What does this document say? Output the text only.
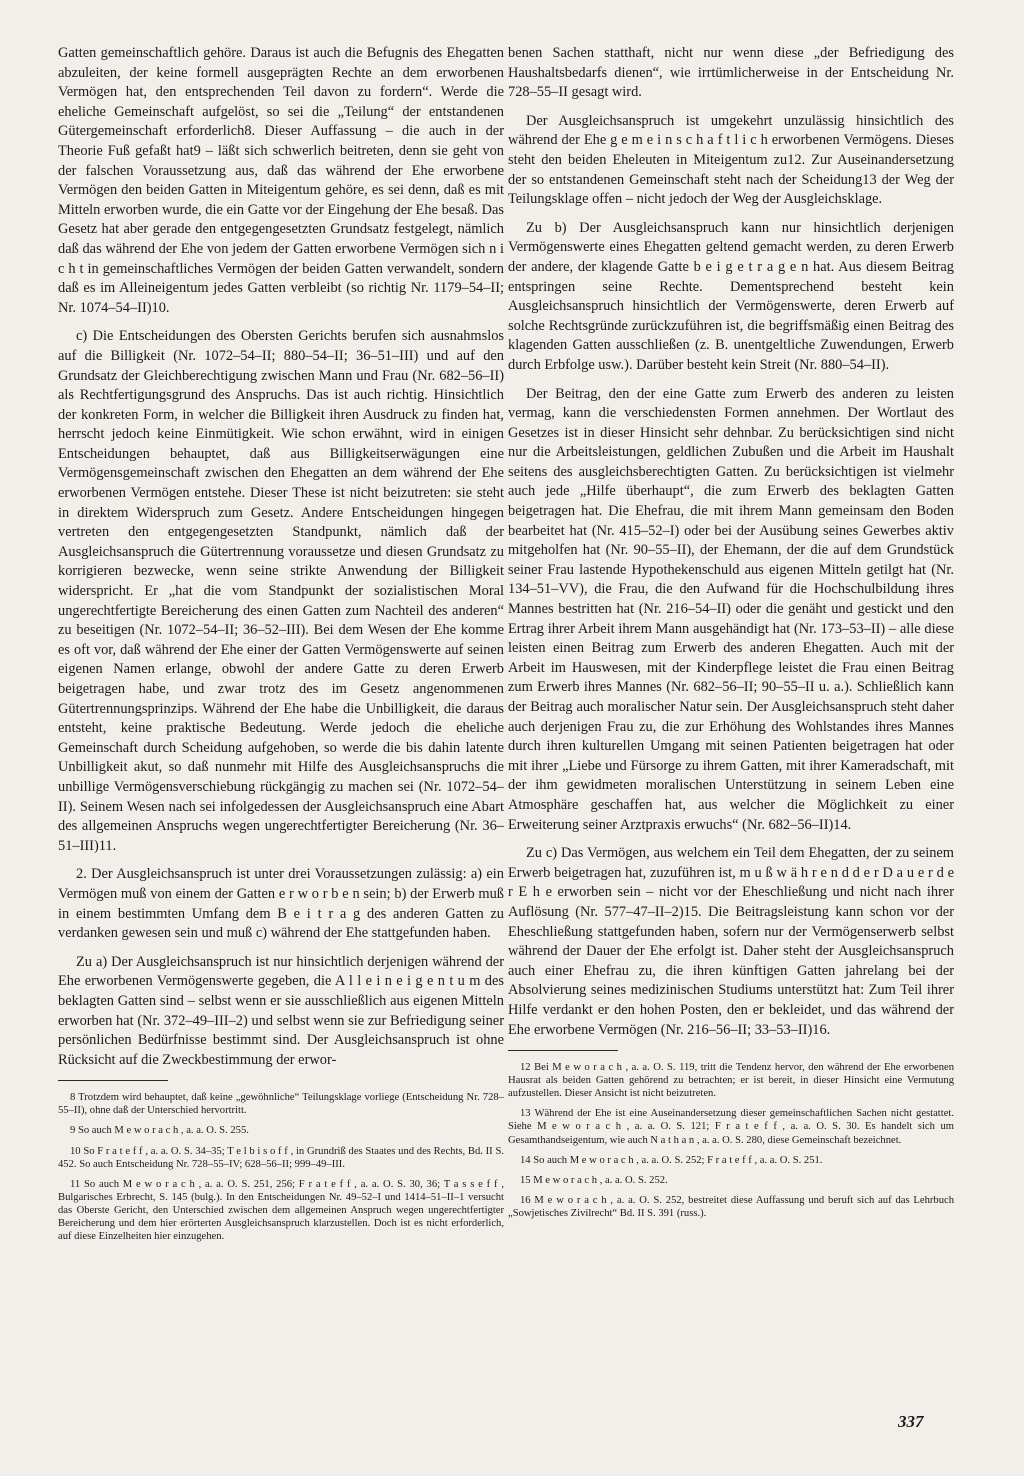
Gatten gemeinschaftlich gehöre. Daraus ist auch die Befugnis des Ehegatten abzuleiten, der keine formell ausgeprägten Rechte an dem erworbenen Vermögen hat, den entsprechenden Teil davon zu fordern“. Werde die eheliche Gemeinschaft aufgelöst, so sei die „Teilung“ der entstandenen Gütergemeinschaft erforderlich8. Dieser Auffassung – die auch in der Theorie Fuß gefaßt hat9 – läßt sich schwerlich beitreten, denn sie geht von der falschen Voraussetzung aus, daß das während der Ehe erworbene Vermögen den beiden Gatten in Miteigentum gehöre, es sei denn, daß es mit Mitteln erworben wurde, die ein Gatte vor der Eingehung der Ehe besaß. Das Gesetz hat aber gerade den entgegengesetzten Grundsatz festgelegt, nämlich daß das während der Ehe von jedem der Gatten erworbene Vermögen sich n i c h t in gemeinschaftliches Vermögen der beiden Gatten verwandelt, sondern daß es im Alleineigentum jedes Gatten verbleibt (so richtig Nr. 1179–54–II; Nr. 1074–54–II)10.

c) Die Entscheidungen des Obersten Gerichts berufen sich ausnahmslos auf die Billigkeit (Nr. 1072–54–II; 880–54–II; 36–51–III) und auf den Grundsatz der Gleichberechtigung zwischen Mann und Frau (Nr. 682–56–II) als Rechtfertigungsgrund des Anspruchs. Das ist auch richtig. Hinsichtlich der konkreten Form, in welcher die Billigkeit ihren Ausdruck zu finden hat, herrscht jedoch keine Einmütigkeit. Wie schon erwähnt, wird in einigen Entscheidungen behauptet, daß aus Billigkeitserwägungen eine Vermögensgemeinschaft zwischen den Ehegatten an dem während der Ehe erworbenen Vermögen entstehe. Dieser These ist nicht beizutreten: sie steht in direktem Widerspruch zum Gesetz. Andere Entscheidungen hingegen vertreten den entgegengesetzten Standpunkt, nämlich daß der Ausgleichsanspruch die Gütertrennung voraussetze und diesen Grundsatz zu korrigieren bezwecke, wenn seine strikte Anwendung der Billigkeit widerspricht. Er „hat die vom Standpunkt der sozialistischen Moral ungerechtfertigte Bereicherung des einen Gatten zum Nachteil des anderen“ zu beseitigen (Nr. 1072–54–II; 36–52–III). Bei dem Wesen der Ehe komme es oft vor, daß während der Ehe einer der Gatten Vermögenswerte auf seinen eigenen Namen erlange, obwohl der andere Gatte zu deren Erwerb beigetragen habe, und zwar trotz des im Gesetz angenommenen Gütertrennungsprinzips. Während der Ehe habe die Unbilligkeit, die daraus entsteht, keine praktische Bedeutung. Werde jedoch die eheliche Gemeinschaft durch Scheidung aufgehoben, so werde die bis dahin latente Unbilligkeit akut, so daß nunmehr mit Hilfe des Ausgleichsanspruchs die unbillige Vermögensverschiebung rückgängig zu machen sei (Nr. 1072–54–II). Seinem Wesen nach sei infolgedessen der Ausgleichsanspruch eine Abart des allgemeinen Anspruchs wegen ungerechtfertigter Bereicherung (Nr. 36–51–III)11.

2. Der Ausgleichsanspruch ist unter drei Voraussetzungen zulässig: a) ein Vermögen muß von einem der Gatten e r w o r b e n sein; b) der Erwerb muß in einem bestimmten Umfang dem B e i t r a g des anderen Gatten zu verdanken gewesen sein und muß c) während der Ehe stattgefunden haben.

Zu a) Der Ausgleichsanspruch ist nur hinsichtlich derjenigen während der Ehe erworbenen Vermögenswerte gegeben, die A l l e i n e i g e n t u m des beklagten Gatten sind – selbst wenn er sie ausschließlich aus eigenen Mitteln erworben hat (Nr. 372–49–III–2) und selbst wenn sie zur Befriedigung seiner persönlichen Bedürfnisse bestimmt sind. Der Ausgleichsanspruch ist ohne Rücksicht auf die Zweckbestimmung der erwor-

8 Trotzdem wird behauptet, daß keine „gewöhnliche“ Teilungsklage vorliege (Entscheidung Nr. 728–55–II), ohne daß der Unterschied hervortritt.

9 So auch M e w o r a c h , a. a. O. S. 255.

10 So F r a t e f f , a. a. O. S. 34–35; T e l b i s o f f , in Grundriß des Staates und des Rechts, Bd. II S. 452. So auch Entscheidung Nr. 728–55–IV; 628–56–II; 999–49–III.

11 So auch M e w o r a c h , a. a. O. S. 251, 256; F r a t e f f , a. a. O. S. 30, 36; T a s s e f f , Bulgarisches Erbrecht, S. 145 (bulg.). In den Entscheidungen Nr. 49–52–I und 1414–51–II–1 versucht das Oberste Gericht, den Unterschied zwischen dem allgemeinen Anspruch wegen ungerechtfertigter Bereicherung und dem hier erörterten Ausgleichsanspruch klarzustellen. Doch ist es nicht erforderlich, auf diese Einzelheiten hier einzugehen.

benen Sachen statthaft, nicht nur wenn diese „der Befriedigung des Haushaltsbedarfs dienen“, wie irrtümlicherweise in der Entscheidung Nr. 728–55–II gesagt wird.

Der Ausgleichsanspruch ist umgekehrt unzulässig hinsichtlich des während der Ehe g e m e i n s c h a f t l i c h erworbenen Vermögens. Dieses steht den beiden Eheleuten in Miteigentum zu12. Zur Auseinandersetzung der so entstandenen Gemeinschaft steht nach der Scheidung13 der Weg der Teilungsklage offen – nicht jedoch der Weg der Ausgleichsklage.

Zu b) Der Ausgleichsanspruch kann nur hinsichtlich derjenigen Vermögenswerte eines Ehegatten geltend gemacht werden, zu deren Erwerb der andere, der klagende Gatte b e i g e t r a g e n hat. Aus diesem Beitrag entspringen seine Rechte. Dementsprechend besteht kein Ausgleichsanspruch hinsichtlich der Vermögenswerte, deren Erwerb auf solche Rechtsgründe zurückzuführen ist, die begriffsmäßig einen Beitrag des klagenden Gatten ausschließen (z. B. unentgeltliche Zuwendungen, Erwerb durch Erbfolge usw.). Darüber besteht kein Streit (Nr. 880–54–II).

Der Beitrag, den der eine Gatte zum Erwerb des anderen zu leisten vermag, kann die verschiedensten Formen annehmen. Der Wortlaut des Gesetzes ist in dieser Hinsicht sehr dehnbar. Zu berücksichtigen sind nicht nur die Arbeitsleistungen, geldlichen Zubußen und die Arbeit im Haushalt seitens des ausgleichsberechtigten Gatten. Zu berücksichtigen ist vielmehr auch jede „Hilfe überhaupt“, die zum Erwerb des beklagten Gatten beigetragen hat. Die Ehefrau, die mit ihrem Mann gemeinsam den Boden bearbeitet hat (Nr. 415–52–I) oder bei der Ausübung seines Gewerbes aktiv mitgeholfen hat (Nr. 90–55–II), der Ehemann, der die auf dem Grundstück seiner Frau lastende Hypothekenschuld aus eigenen Mitteln getilgt hat (Nr. 134–51–VV), die Frau, die den Aufwand für die Hochschulbildung ihres Mannes bestritten hat (Nr. 216–54–II) oder die genäht und gestickt und den Ertrag ihrer Arbeit ihrem Mann ausgehändigt hat (Nr. 173–53–II) – alle diese leisten einen Beitrag zum Erwerb des anderen Ehegatten. Auch mit der Arbeit im Hauswesen, mit der Kinderpflege leistet die Frau einen Beitrag zum Erwerb ihres Mannes (Nr. 682–56–II; 90–55–II u. a.). Schließlich kann der Beitrag auch moralischer Natur sein. Der Ausgleichsanspruch steht daher auch derjenigen Frau zu, die zur Erhöhung des Wohlstandes ihres Mannes durch ihren kulturellen Umgang mit seinen Patienten beigetragen hat oder mit ihrer „Liebe und Fürsorge zu ihrem Gatten, mit ihrer Kameradschaft, mit der ihm gewidmeten moralischen Unterstützung in seinem Leben eine Atmosphäre geschaffen hat, aus welcher die Möglichkeit zu einer Erweiterung seiner Arztpraxis erwuchs“ (Nr. 682–56–II)14.

Zu c) Das Vermögen, aus welchem ein Teil dem Ehegatten, der zu seinem Erwerb beigetragen hat, zuzuführen ist, m u ß w ä h r e n d d e r D a u e r d e r E h e erworben sein – nicht vor der Eheschließung und nicht nach ihrer Auflösung (Nr. 577–47–II–2)15. Die Beitragsleistung kann schon vor der Eheschließung stattgefunden haben, sofern nur der Vermögenserwerb selbst während der Dauer der Ehe erfolgt ist. Daher steht der Ausgleichsanspruch auch einer Ehefrau zu, die ihren künftigen Gatten jahrelang bei der Absolvierung seines medizinischen Studiums unterstützt hat: Zum Teil ihrer Hilfe verdankt er den hohen Posten, den er bekleidet, und das während der Ehe erworbene Vermögen (Nr. 216–56–II; 33–53–II)16.

12 Bei M e w o r a c h , a. a. O. S. 119, tritt die Tendenz hervor, den während der Ehe erworbenen Hausrat als beiden Gatten gehörend zu betrachten; er ist bereit, in dieser Hinsicht eine Vermutung aufzustellen. Dieser Ansicht ist nicht beizutreten.

13 Während der Ehe ist eine Auseinandersetzung dieser gemeinschaftlichen Sachen nicht gestattet. Siehe M e w o r a c h , a. a. O. S. 121; F r a t e f f , a. a. O. S. 30. Es handelt sich um Gesamthandseigentum, wie auch N a t h a n , a. a. O. S. 280, diese Gemeinschaft bezeichnet.

14 So auch M e w o r a c h , a. a. O. S. 252; F r a t e f f , a. a. O. S. 251.

15 M e w o r a c h , a. a. O. S. 252.

16 M e w o r a c h , a. a. O. S. 252, bestreitet diese Auffassung und beruft sich auf das Lehrbuch „Sowjetisches Zivilrecht“ Bd. II S. 391 (russ.).

337
